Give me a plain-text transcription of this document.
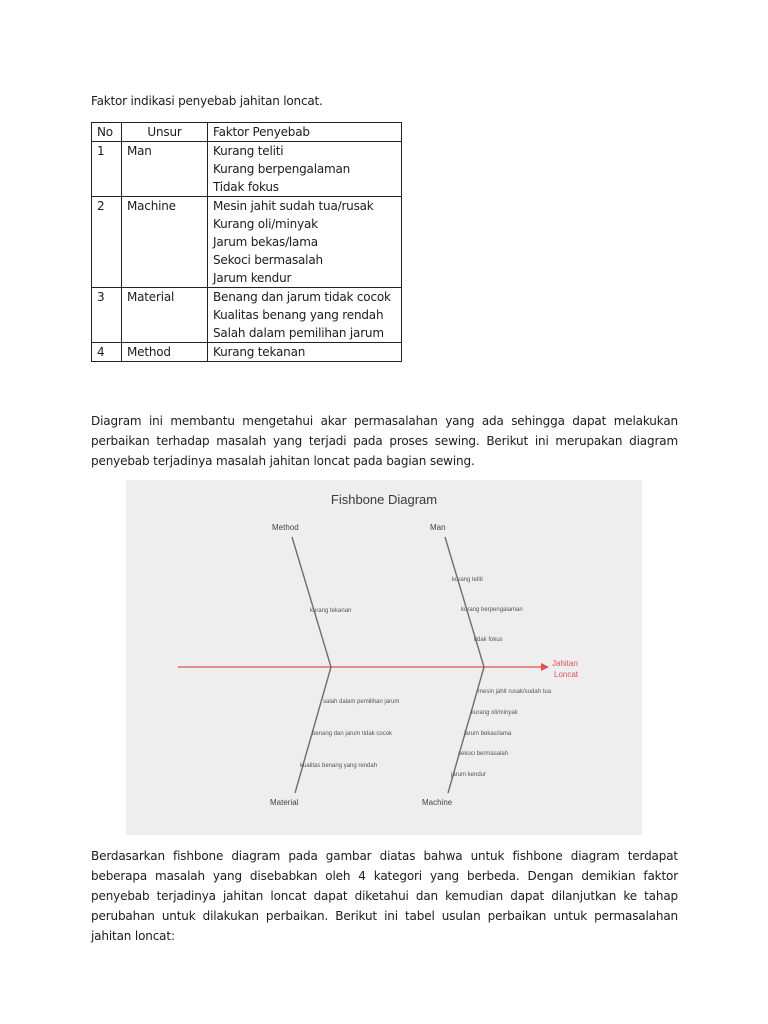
Faktor indikasi penyebab jahitan loncat.

No	Unsur	Faktor Penyebab
1	Man	Kurang teliti
Kurang berpengalaman
Tidak fokus

2	Machine	Mesin jahit sudah tua/rusak
Kurang oli/minyak
Jarum bekas/lama
Sekoci bermasalah
Jarum kendur

3	Material	Benang dan jarum tidak cocok
Kualitas benang yang rendah
Salah dalam pemilihan jarum

4	Method	Kurang tekanan

Diagram ini membantu mengetahui akar permasalahan yang ada sehingga dapat melakukan perbaikan terhadap masalah yang terjadi pada proses sewing. Berikut ini merupakan diagram penyebab terjadinya masalah jahitan loncat pada bagian sewing.

Fishbone Diagram
Jahitan
Loncat
Method	Man
Material	Machine
kurang tekanan
kurang teliti
kurang berpengalaman
tidak fokus
salah dalam pemilihan jarum
benang dan jarum tidak cocok
kualitas benang yang rendah
mesin jahit rusak/sudah tua
kurang oli/minyak
jarum bekas/lama
sekoci bermasalah
jarum kendur

Berdasarkan fishbone diagram pada gambar diatas bahwa untuk fishbone diagram terdapat beberapa masalah yang disebabkan oleh 4 kategori yang berbeda. Dengan demikian faktor penyebab terjadinya jahitan loncat dapat diketahui dan kemudian dapat dilanjutkan ke tahap perubahan untuk dilakukan perbaikan. Berikut ini tabel usulan perbaikan untuk permasalahan jahitan loncat:
